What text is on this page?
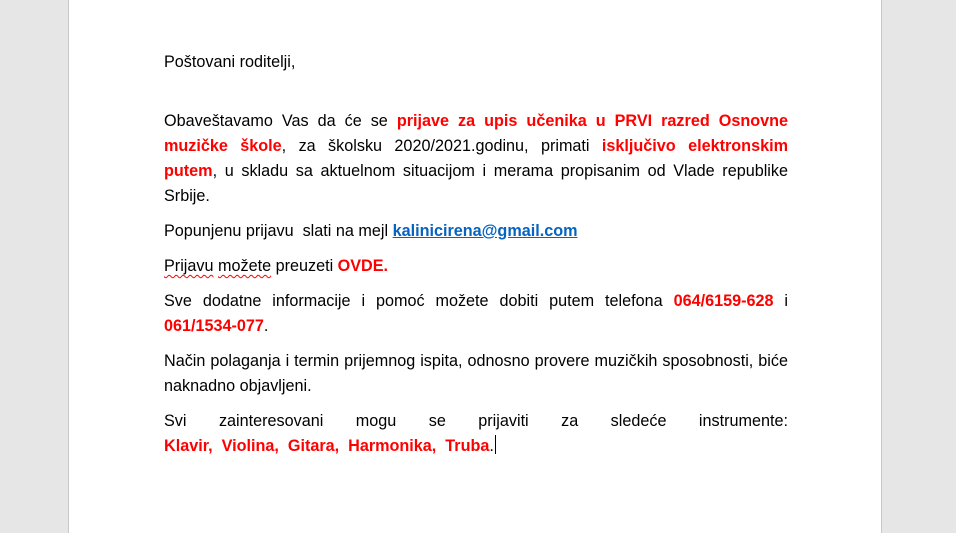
Poštovani roditelji,

Obaveštavamo Vas da će se prijave za upis učenika u PRVI razred Osnovne muzičke škole, za školsku 2020/2021.godinu, primati isključivo elektronskim putem, u skladu sa aktuelnom situacijom i merama propisanim od Vlade republike Srbije.

Popunjenu prijavu  slati na mejl kalinicirena@gmail.com

Prijavu možete preuzeti OVDE.

Sve dodatne informacije i pomoć možete dobiti putem telefona 064/6159-628 i 061/1534-077.

Način polaganja i termin prijemnog ispita, odnosno provere muzičkih sposobnosti, biće naknadno objavljeni.

Svi zainteresovani mogu se prijaviti za sledeće instrumente: Klavir,  Violina,  Gitara,  Harmonika,  Truba.
